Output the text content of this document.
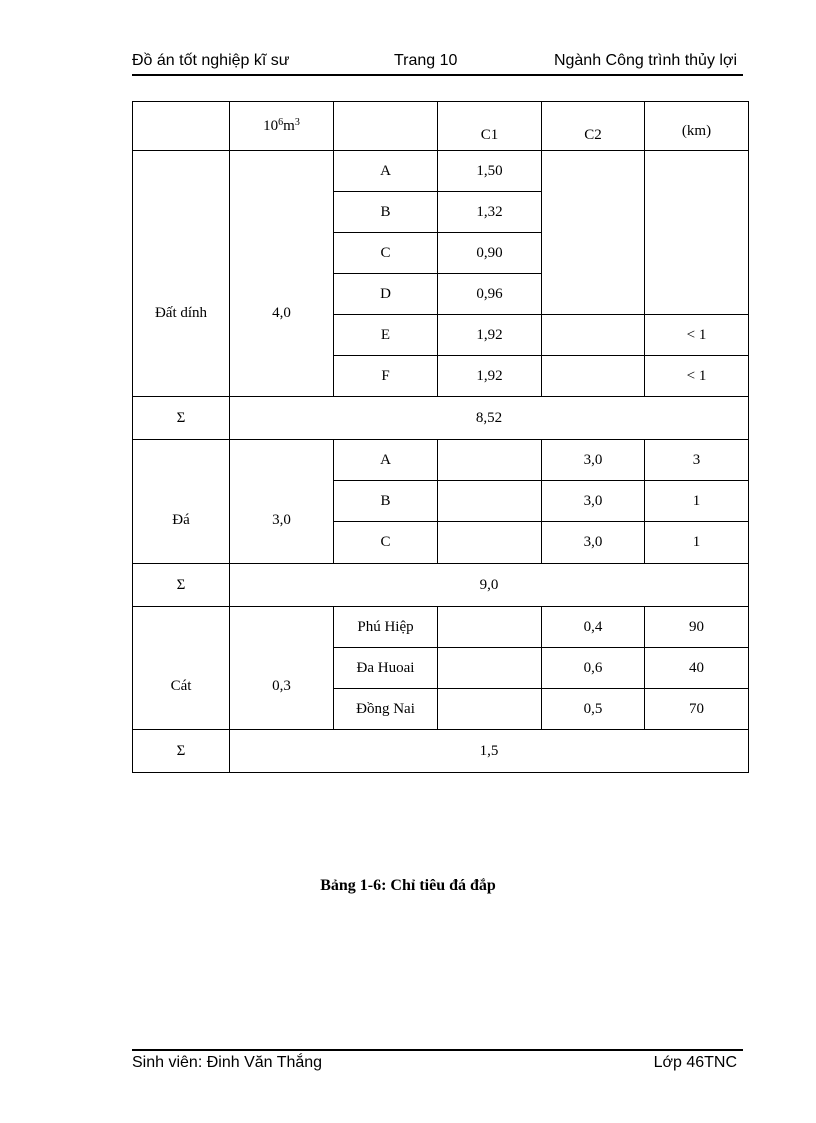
Đồ án tốt nghiệp kĩ sư	Trang 10	Ngành Công trình thủy lợi
	$10^6m^3$		C1	C2	(km)
Đất dính	4,0	A	1,50		
		B	1,32		
		C	0,90		
		D	0,96		
		E	1,92		< 1
		F	1,92		< 1
Σ	8,52				
Đá	3,0	A		3,0	3
		B		3,0	1
		C		3,0	1
Σ	9,0				
Cát	0,3	Phú Hiệp		0,4	90
		Đa Huoai		0,6	40
		Đồng Nai		0,5	70
Σ	1,5				
Bảng 1-6: Chỉ tiêu đá đắp
Sinh viên: Đinh Văn Thắng	Lớp 46TNC
